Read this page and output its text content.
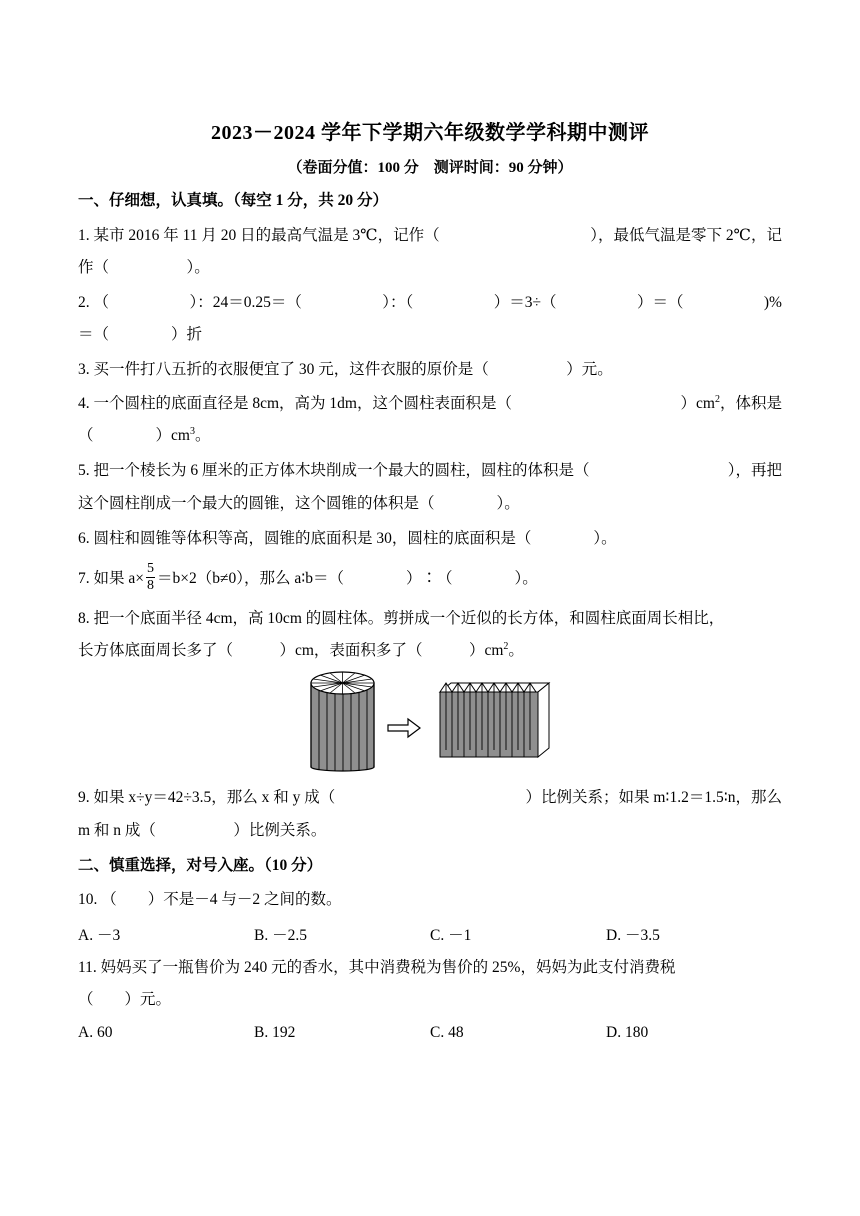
2023－2024 学年下学期六年级数学学科期中测评
（卷面分值：100 分　测评时间：90 分钟）
一、仔细想，认真填。（每空 1 分，共 20 分）
1. 某市 2016 年 11 月 20 日的最高气温是 3℃，记作（	），最低气温是零下 2℃，记
作（　　　　　）。
2. （	）：24＝0.25＝（	）：（	）＝3÷（	）＝（	)%
＝（　　　　）折
3. 买一件打八五折的衣服便宜了 30 元，这件衣服的原价是（　　　　　）元。
4. 一个圆柱的底面直径是 8cm，高为 1dm，这个圆柱表面积是（	）$cm^2$，体积是
（　　　　）$cm^3$。
5. 把一个棱长为 6 厘米的正方体木块削成一个最大的圆柱，圆柱的体积是（	），再把
这个圆柱削成一个最大的圆锥，这个圆锥的体积是（　　　　）。
6. 圆柱和圆锥等体积等高，圆锥的底面积是 30，圆柱的底面积是（　　　　）。
7. 如果 $a\times \frac{5}{8} =b\times 2(b\ne 0)$，那么 a∶b＝（　　　　）∶（　　　　）。
8. 把一个底面半径 4cm，高 10cm 的圆柱体。剪拼成一个近似的长方体，和圆柱底面周长相比，
长方体底面周长多了（　　　）cm，表面积多了（　　　）$cm^2$。
9. 如果 x÷y＝42÷3.5，那么 x 和 y 成（	）比例关系；如果 m∶1.2＝1.5∶n，那么
m 和 n 成（　　　　　）比例关系。
二、慎重选择，对号入座。（10 分）
10. （　　）不是－4 与－2 之间的数。
A. －3	B. －2.5	C. －1	D. －3.5
11. 妈妈买了一瓶售价为 240 元的香水，其中消费税为售价的 25%，妈妈为此支付消费税
（　　）元。
A. 60	B. 192	C. 48	D. 180
